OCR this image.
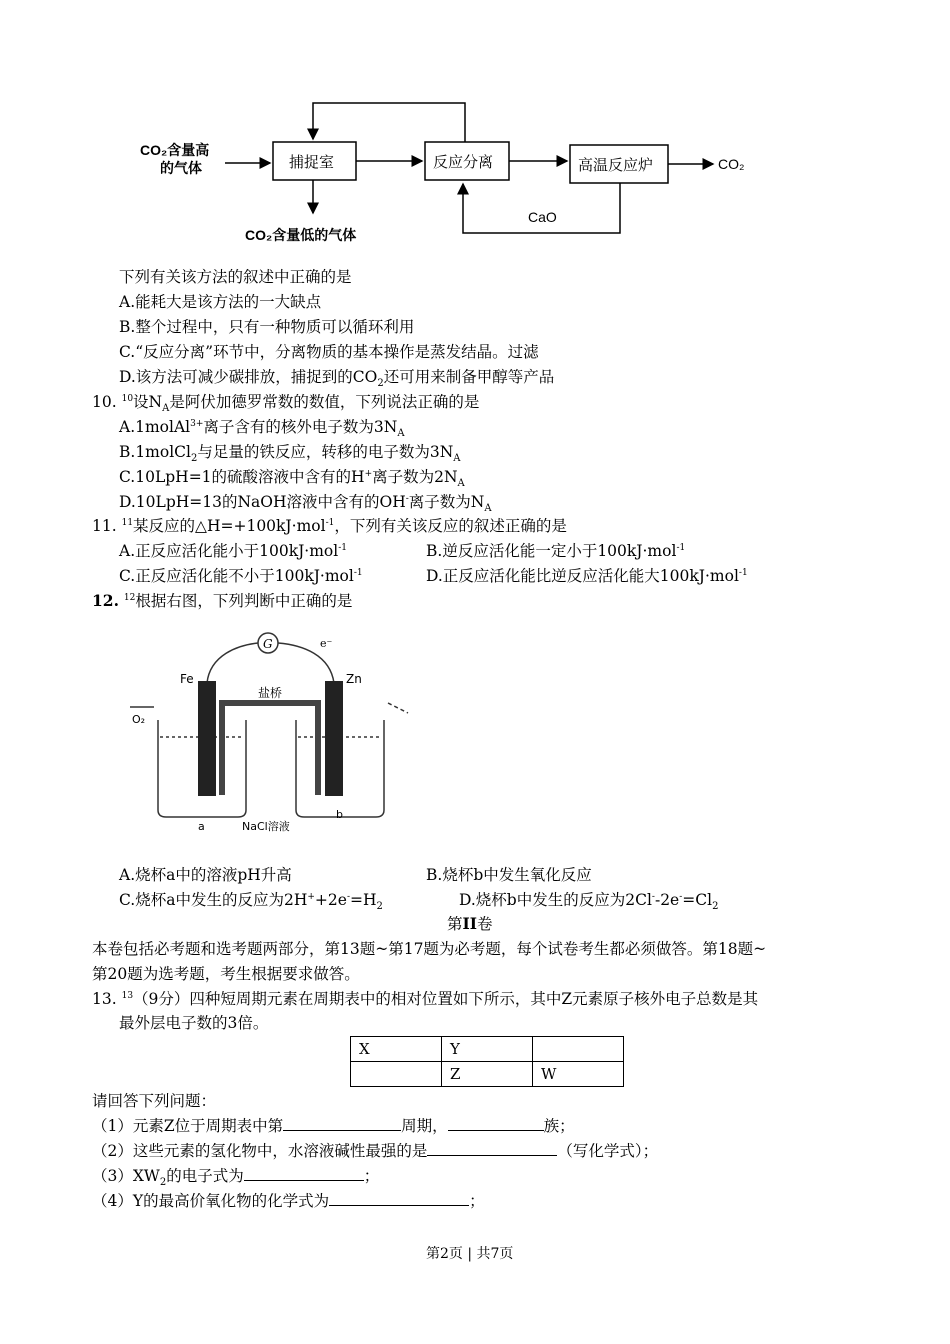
CO₂含量高
的气体	捕捉室	反应分离	高温反应炉	CO₂
CaO
CO₂含量低的气体
下列有关该方法的叙述中正确的是
A.能耗大是该方法的一大缺点
B.整个过程中，只有一种物质可以循环利用
C.“反应分离”环节中，分离物质的基本操作是蒸发结晶。过滤
D.该方法可减少碳排放，捕捉到的$CO_2$还可用来制备甲醇等产品
10. $^{10}$设$N_A$是阿伏加德罗常数的数值，下列说法正确的是
A.1molAl$^{3+}$离子含有的核外电子数为$3N_A$
B.1molCl$_2$与足量的铁反应，转移的电子数为$3N_A$
C.10LpH=1的硫酸溶液中含有的H+离子数为$2N_A$
D.10LpH=13的NaOH溶液中含有的OH-离子数为$N_A$
11. $^{11}$某反应的△H=+100kJ·mol$^{-1}$，下列有关该反应的叙述正确的是
A.正反应活化能小于100kJ·mol$^{-1}$	B.逆反应活化能一定小于100kJ·mol$^{-1}$
C.正反应活化能不小于100kJ·mol$^{-1}$	D.正反应活化能比逆反应活化能大100kJ·mol$^{-1}$
12. $^{12}$根据右图，下列判断中正确的是
G	e⁻
Fe	Zn
盐桥
O₂
a
b
NaCl溶液
A.烧杯a中的溶液pH升高	B.烧杯b中发生氧化反应
C.烧杯a中发生的反应为$2H^++2e^-=H_2$	D.烧杯b中发生的反应为$2Cl^--2e^-=Cl_2$
第II卷
本卷包括必考题和选考题两部分，第13题~第17题为必考题，每个试卷考生都必须做答。第18题~
第20题为选考题，考生根据要求做答。
13. $^{13}$（9分）四种短周期元素在周期表中的相对位置如下所示，其中Z元素原子核外电子总数是其
最外层电子数的3倍。
X	Y	
	Z	W
请回答下列问题：
（1）元素Z位于周期表中第	周期，	族；
（2）这些元素的氢化物中，水溶液碱性最强的是	（写化学式）；
$(3)XW_2$的电子式为	；
（4）Y的最高价氧化物的化学式为	；
第2页 | 共7页
